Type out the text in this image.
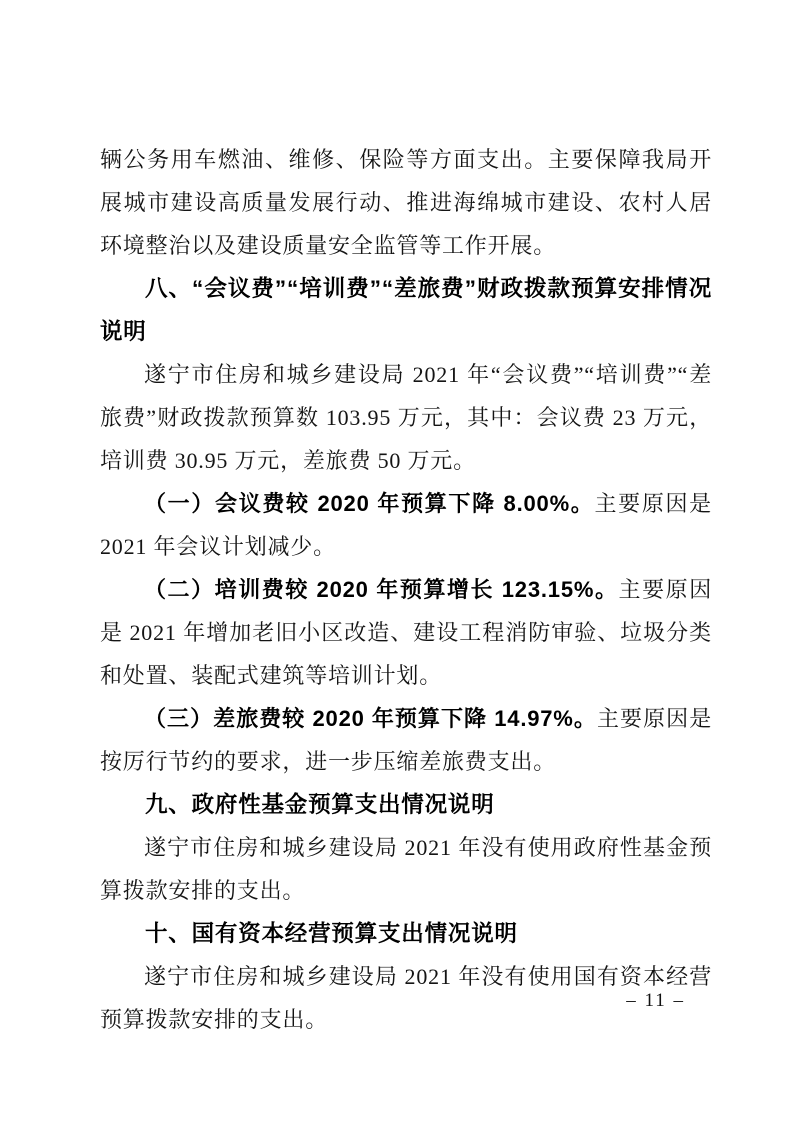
辆公务用车燃油、维修、保险等方面支出。主要保障我局开展城市建设高质量发展行动、推进海绵城市建设、农村人居环境整治以及建设质量安全监管等工作开展。

八、“会议费”“培训费”“差旅费”财政拨款预算安排情况说明

遂宁市住房和城乡建设局 2021 年“会议费”“培训费”“差旅费”财政拨款预算数 103.95 万元，其中：会议费 23 万元，培训费 30.95 万元，差旅费 50 万元。

（一）会议费较 2020 年预算下降 8.00%。主要原因是 2021 年会议计划减少。

（二）培训费较 2020 年预算增长 123.15%。主要原因是 2021 年增加老旧小区改造、建设工程消防审验、垃圾分类和处置、装配式建筑等培训计划。

（三）差旅费较 2020 年预算下降 14.97%。主要原因是按厉行节约的要求，进一步压缩差旅费支出。

九、政府性基金预算支出情况说明

遂宁市住房和城乡建设局 2021 年没有使用政府性基金预算拨款安排的支出。

十、国有资本经营预算支出情况说明

遂宁市住房和城乡建设局 2021 年没有使用国有资本经营预算拨款安排的支出。

– 11 –
